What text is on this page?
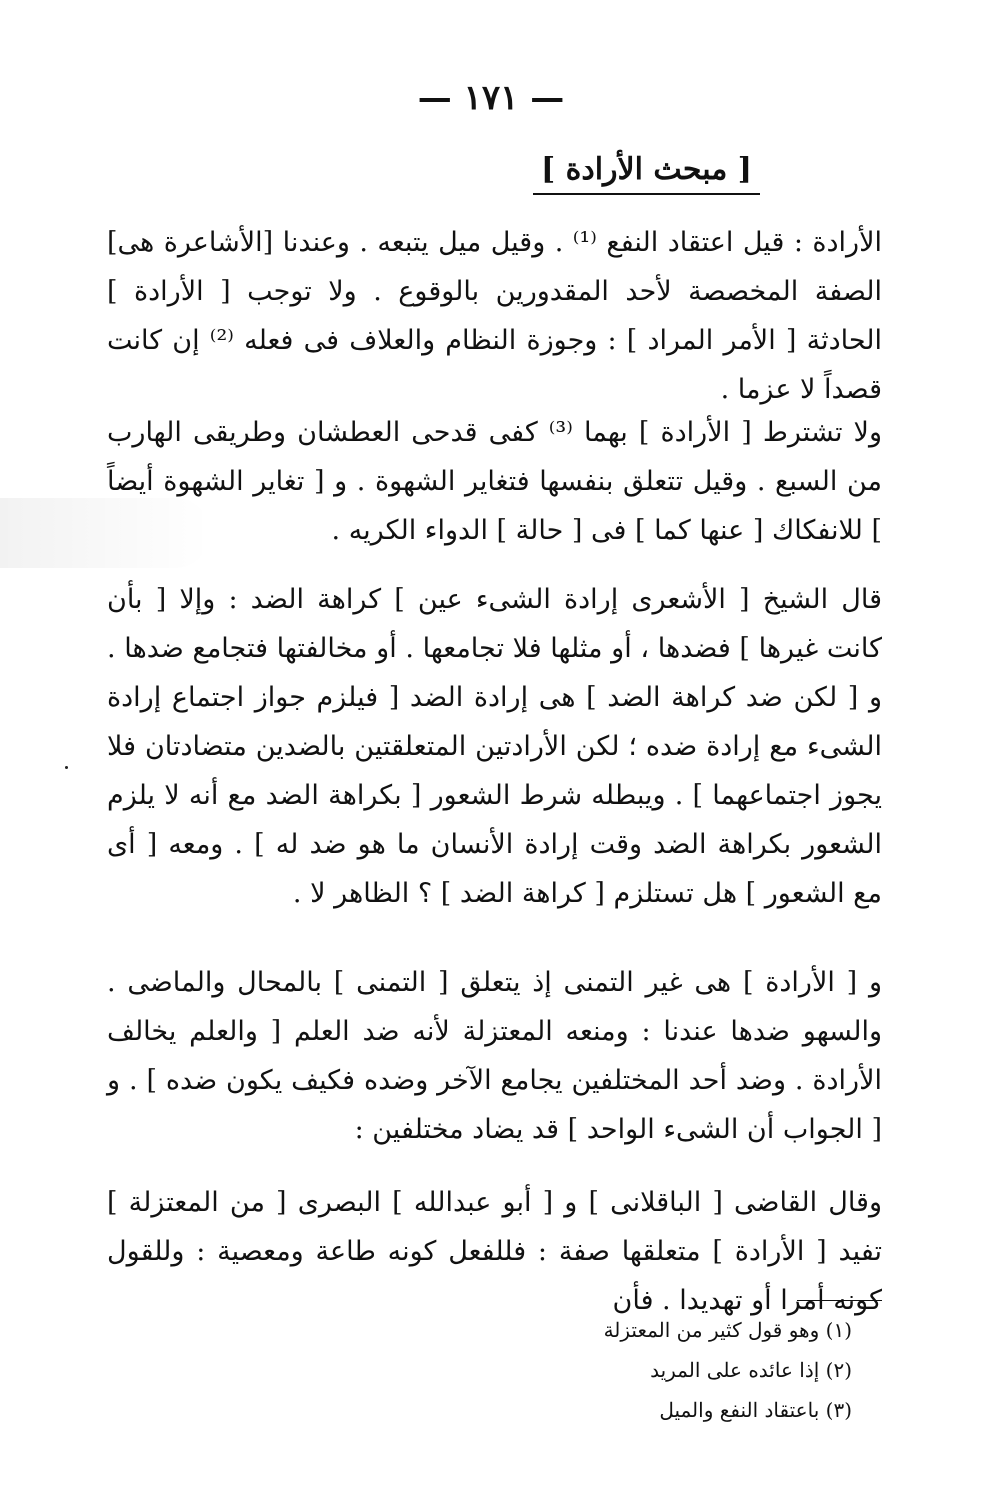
— ١٧١ —
[ مبحث الأرادة ]

الأرادة : قيل اعتقاد النفع ⁽¹⁾ . وقيل ميل يتبعه . وعندنا [الأشاعرة هى] الصفة المخصصة لأحد المقدورين بالوقوع . ولا توجب [ الأرادة ] الحادثة [ الأمر المراد ] : وجوزة النظام والعلاف فى فعله ⁽²⁾ إن كانت قصداً لا عزما .

ولا تشترط [ الأرادة ] بهما ⁽³⁾ كفى قدحى العطشان وطريقى الهارب من السبع . وقيل تتعلق بنفسها فتغاير الشهوة . و [ تغاير الشهوة أيضاً ] للانفكاك [ عنها كما ] فى [ حالة ] الدواء الكريه .

قال الشيخ [ الأشعرى إرادة الشىء عين ] كراهة الضد : وإلا [ بأن كانت غيرها ] فضدها ، أو مثلها فلا تجامعها . أو مخالفتها فتجامع ضدها . و [ لكن ضد كراهة الضد ] هى إرادة الضد [ فيلزم جواز اجتماع إرادة الشىء مع إرادة ضده ؛ لكن الأرادتين المتعلقتين بالضدين متضادتان فلا يجوز اجتماعهما ] . ويبطله شرط الشعور [ بكراهة الضد مع أنه لا يلزم الشعور بكراهة الضد وقت إرادة الأنسان ما هو ضد له ] . ومعه [ أى مع الشعور ] هل تستلزم [ كراهة الضد ] ؟ الظاهر لا .

و [ الأرادة ] هى غير التمنى إذ يتعلق [ التمنى ] بالمحال والماضى . والسهو ضدها عندنا : ومنعه المعتزلة لأنه ضد العلم [ والعلم يخالف الأرادة . وضد أحد المختلفين يجامع الآخر وضده فكيف يكون ضده ] . و [ الجواب أن الشىء الواحد ] قد يضاد مختلفين :

وقال القاضى [ الباقلانى ] و [ أبو عبدالله ] البصرى [ من المعتزلة ] تفيد [ الأرادة ] متعلقها صفة : فللفعل كونه طاعة ومعصية : وللقول كونه أمرا أو تهديدا . فأن

(١) وهو قول كثير من المعتزلة
(٢) إذا عائده على المريد
(٣) باعتقاد النفع والميل
